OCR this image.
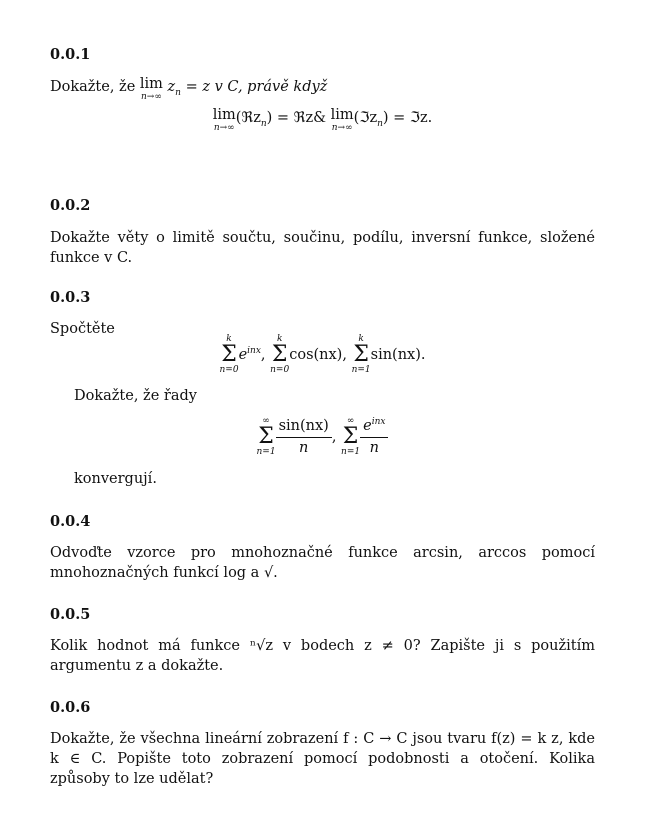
0.0.1
Dokažte, že lim
n→∞
$z_n = z$ v C, právě když
lim
n→∞
(ℜz$_n$) = ℜz& lim
n→∞
(ℑz$_n$) = ℑz.
0.0.2
Dokažte věty o limitě součtu, součinu, podílu, inversní funkce, složené funkce v C.
0.0.3
Spočtěte
k
Σ
n=0
$e^{inx}$,
k
Σ
n=0
cos(nx),
k
Σ
n=1
sin(nx).
Dokažte, že řady
∞
Σ
$n=1 \frac{\sin(nx)}{n}$ ,
∞
Σ
$n=1 \frac{e^{inx}}{n}$
konvergují.
0.0.4
Odvoďte vzorce pro mnohoznačné funkce arcsin, arccos pomocí mnohoznačných funkcí log a √.
0.0.5
Kolik hodnot má funkce ⁿ√z v bodech z ≠ 0? Zapište ji s použitím argumentu z a dokažte.
0.0.6
Dokažte, že všechna lineární zobrazení f : C → C jsou tvaru f(z) = k z, kde k ∈ C. Popište toto zobrazení pomocí podobnosti a otočení. Kolika způsoby to lze udělat?
